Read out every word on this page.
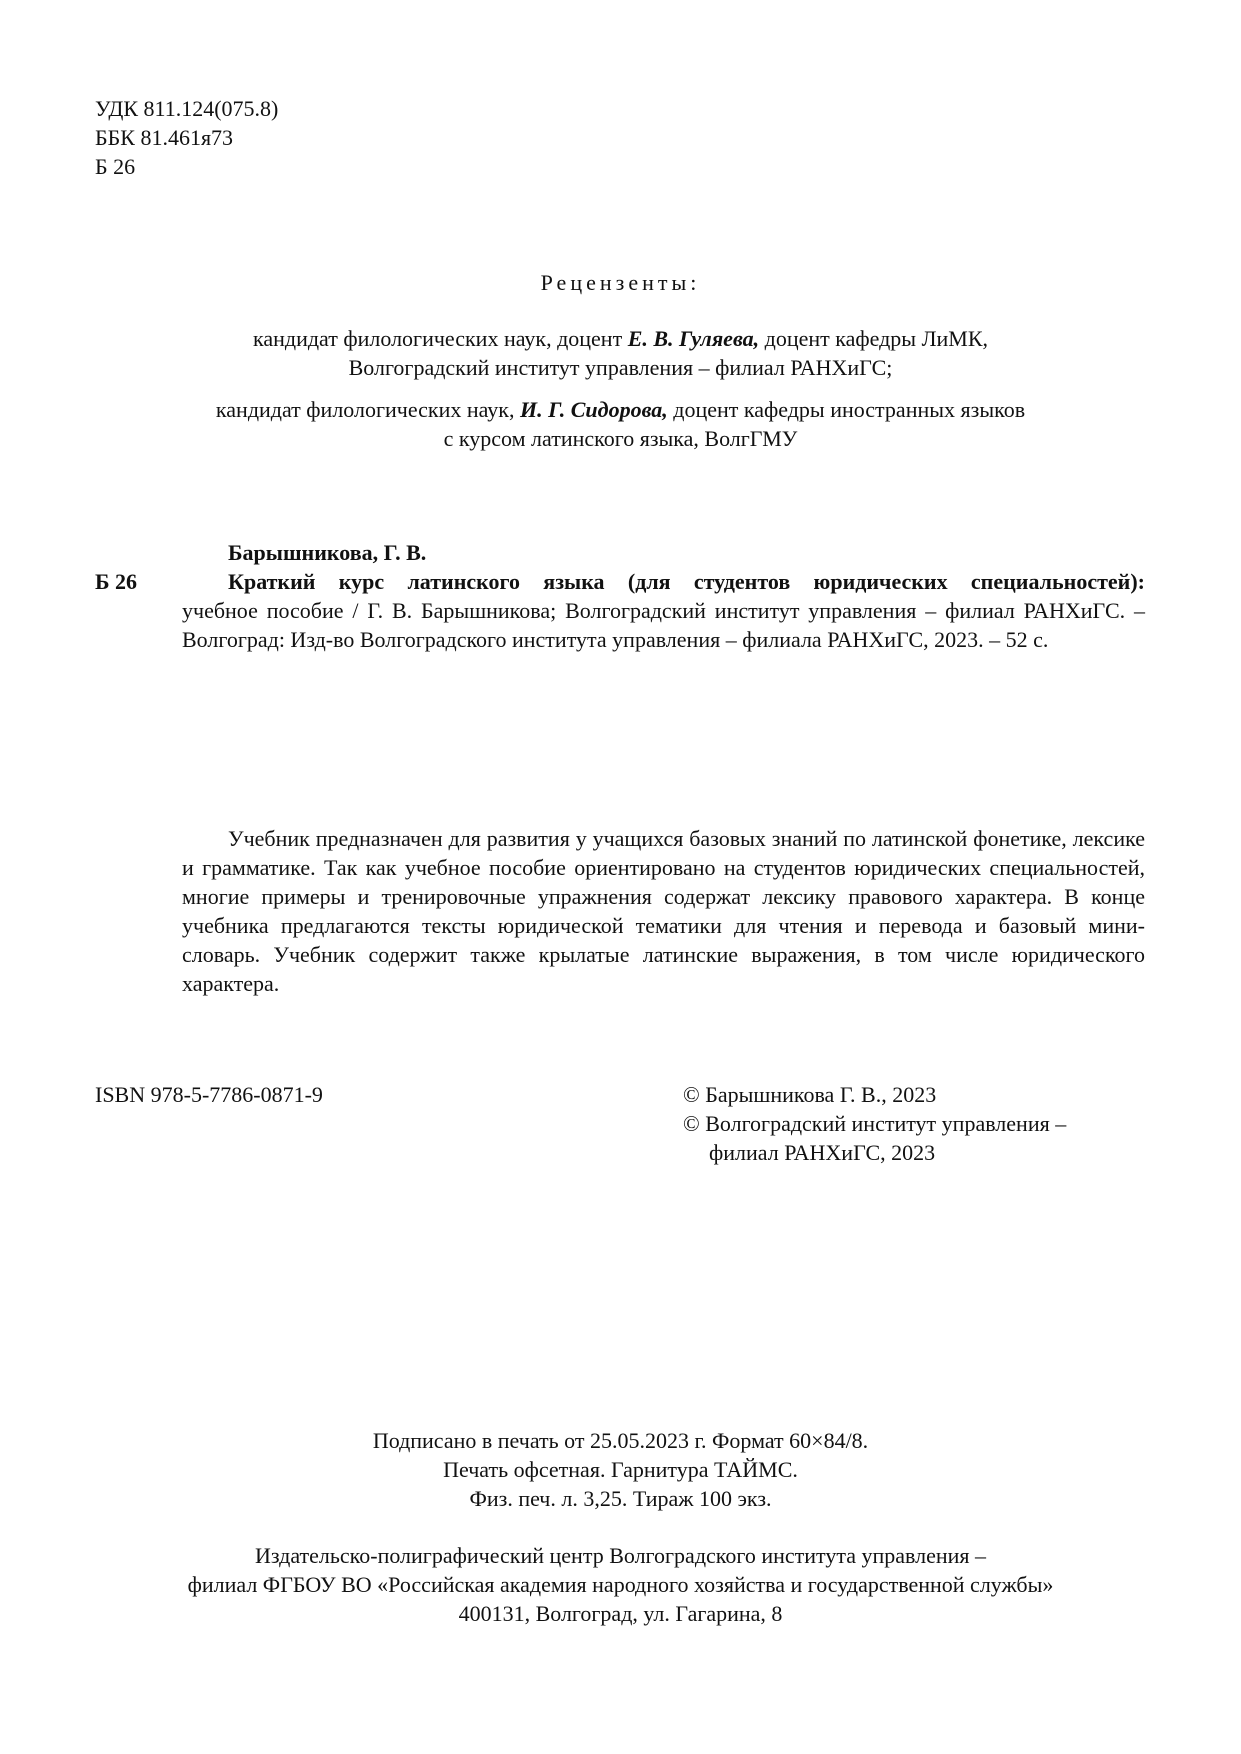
УДК 811.124(075.8)
ББК 81.461я73
Б 26
Рецензенты:
кандидат филологических наук, доцент Е. В. Гуляева, доцент кафедры ЛиМК,
Волгоградский институт управления – филиал РАНХиГС;
кандидат филологических наук, И. Г. Сидорова, доцент кафедры иностранных языков
с курсом латинского языка, ВолгГМУ
Барышникова, Г. В.
Б 26	Краткий курс латинского языка (для студентов юридических специальностей):
учебное пособие / Г. В. Барышникова; Волгоградский институт управления – филиал РАНХиГС. – Волгоград: Изд-во Волгоградского института управления – филиала РАНХиГС, 2023. – 52 с.
Учебник предназначен для развития у учащихся базовых знаний по латинской фонетике, лексике и грамматике. Так как учебное пособие ориентировано на студентов юридических специальностей, многие примеры и тренировочные упражнения содержат лексику правового характера. В конце учебника предлагаются тексты юридической тематики для чтения и перевода и базовый мини-словарь. Учебник содержит также крылатые латинские выражения, в том числе юридического характера.
ISBN 978-5-7786-0871-9	© Барышникова Г. В., 2023
© Волгоградский институт управления –
филиал РАНХиГС, 2023
Подписано в печать от 25.05.2023 г. Формат 60×84/8.
Печать офсетная. Гарнитура ТАЙМС.
Физ. печ. л. 3,25. Тираж 100 экз.
Издательско-полиграфический центр Волгоградского института управления –
филиал ФГБОУ ВО «Российская академия народного хозяйства и государственной службы»
400131, Волгоград, ул. Гагарина, 8
